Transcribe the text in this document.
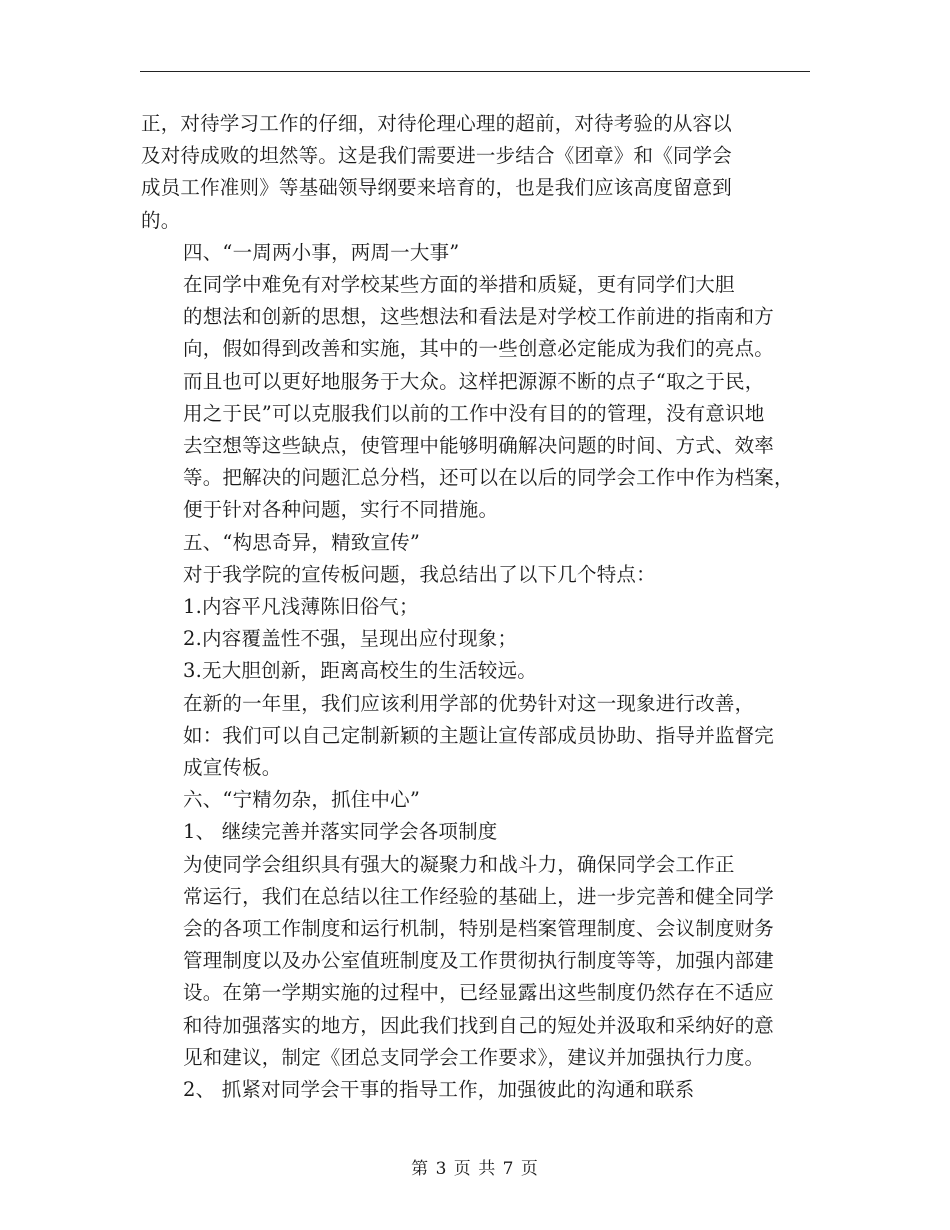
正，对待学习工作的仔细，对待伦理心理的超前，对待考验的从容以
及对待成败的坦然等。这是我们需要进一步结合《团章》和《同学会
成员工作准则》等基础领导纲要来培育的，也是我们应该高度留意到
的。

四、“一周两小事，两周一大事”

在同学中难免有对学校某些方面的举措和质疑，更有同学们大胆
的想法和创新的思想，这些想法和看法是对学校工作前进的指南和方
向，假如得到改善和实施，其中的一些创意必定能成为我们的亮点。
而且也可以更好地服务于大众。这样把源源不断的点子“取之于民，
用之于民”可以克服我们以前的工作中没有目的的管理，没有意识地
去空想等这些缺点，使管理中能够明确解决问题的时间、方式、效率
等。把解决的问题汇总分档，还可以在以后的同学会工作中作为档案，
便于针对各种问题，实行不同措施。

五、“构思奇异，精致宣传”

对于我学院的宣传板问题，我总结出了以下几个特点：

1.内容平凡浅薄陈旧俗气；

2.内容覆盖性不强，呈现出应付现象；

3.无大胆创新，距离高校生的生活较远。

在新的一年里，我们应该利用学部的优势针对这一现象进行改善，
如：我们可以自己定制新颖的主题让宣传部成员协助、指导并监督完
成宣传板。

六、“宁精勿杂，抓住中心”

1、 继续完善并落实同学会各项制度

为使同学会组织具有强大的凝聚力和战斗力，确保同学会工作正
常运行，我们在总结以往工作经验的基础上，进一步完善和健全同学
会的各项工作制度和运行机制，特别是档案管理制度、会议制度财务
管理制度以及办公室值班制度及工作贯彻执行制度等等，加强内部建
设。在第一学期实施的过程中，已经显露出这些制度仍然存在不适应
和待加强落实的地方，因此我们找到自己的短处并汲取和采纳好的意
见和建议，制定《团总支同学会工作要求》，建议并加强执行力度。

2、 抓紧对同学会干事的指导工作，加强彼此的沟通和联系

第 3 页 共 7 页
